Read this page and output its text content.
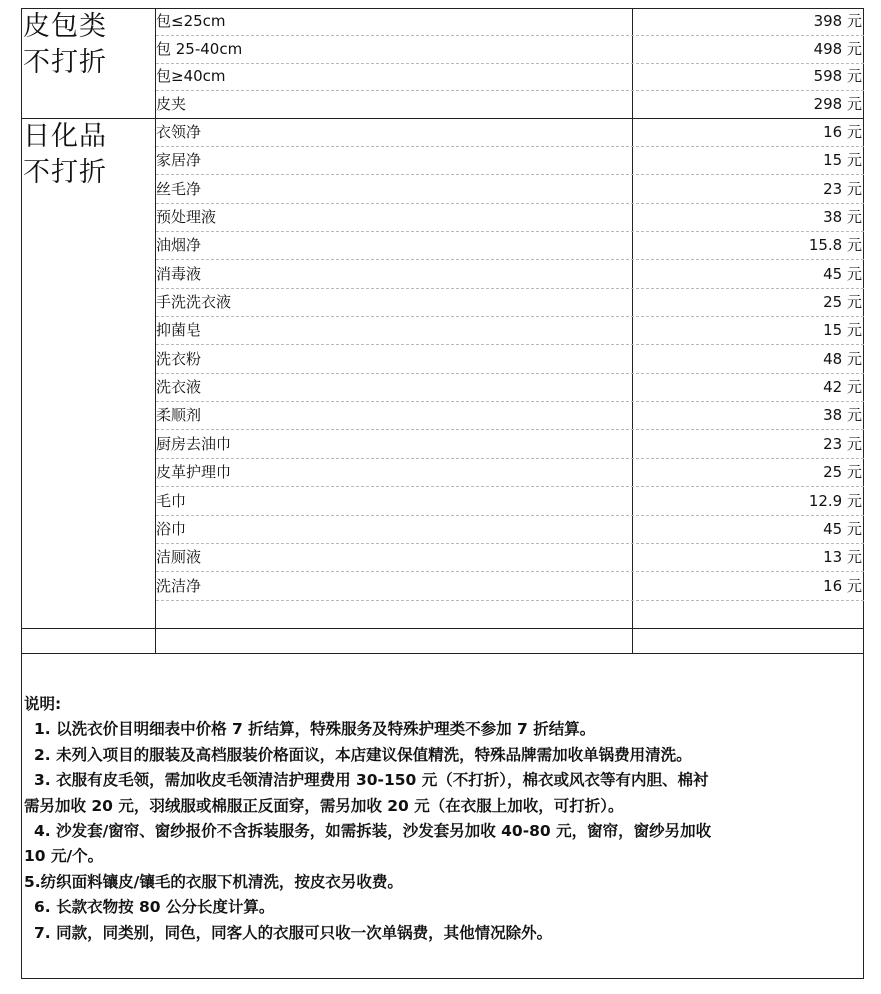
皮包类
不打折
包≤25cm	398 元
包 25-40cm	498 元
包≥40cm	598 元
皮夹	298 元
日化品
不打折
衣领净	16 元
家居净	15 元
丝毛净	23 元
预处理液	38 元
油烟净	15.8 元
消毒液	45 元
手洗洗衣液	25 元
抑菌皂	15 元
洗衣粉	48 元
洗衣液	42 元
柔顺剂	38 元
厨房去油巾	23 元
皮革护理巾	25 元
毛巾	12.9 元
浴巾	45 元
洁厕液	13 元
洗洁净	16 元
说明:
1. 以洗衣价目明细表中价格 7 折结算，特殊服务及特殊护理类不参加 7 折结算。
2. 未列入项目的服装及高档服装价格面议，本店建议保值精洗，特殊品牌需加收单锅费用清洗。
3. 衣服有皮毛领，需加收皮毛领清洁护理费用 30-150 元（不打折），棉衣或风衣等有内胆、棉衬
需另加收 20 元，羽绒服或棉服正反面穿，需另加收 20 元（在衣服上加收，可打折）。
4. 沙发套/窗帘、窗纱报价不含拆装服务，如需拆装，沙发套另加收 40-80 元，窗帘，窗纱另加收
10 元/个。
5.纺织面料镶皮/镶毛的衣服下机清洗，按皮衣另收费。
6. 长款衣物按 80 公分长度计算。
7. 同款，同类别，同色，同客人的衣服可只收一次单锅费，其他情况除外。
